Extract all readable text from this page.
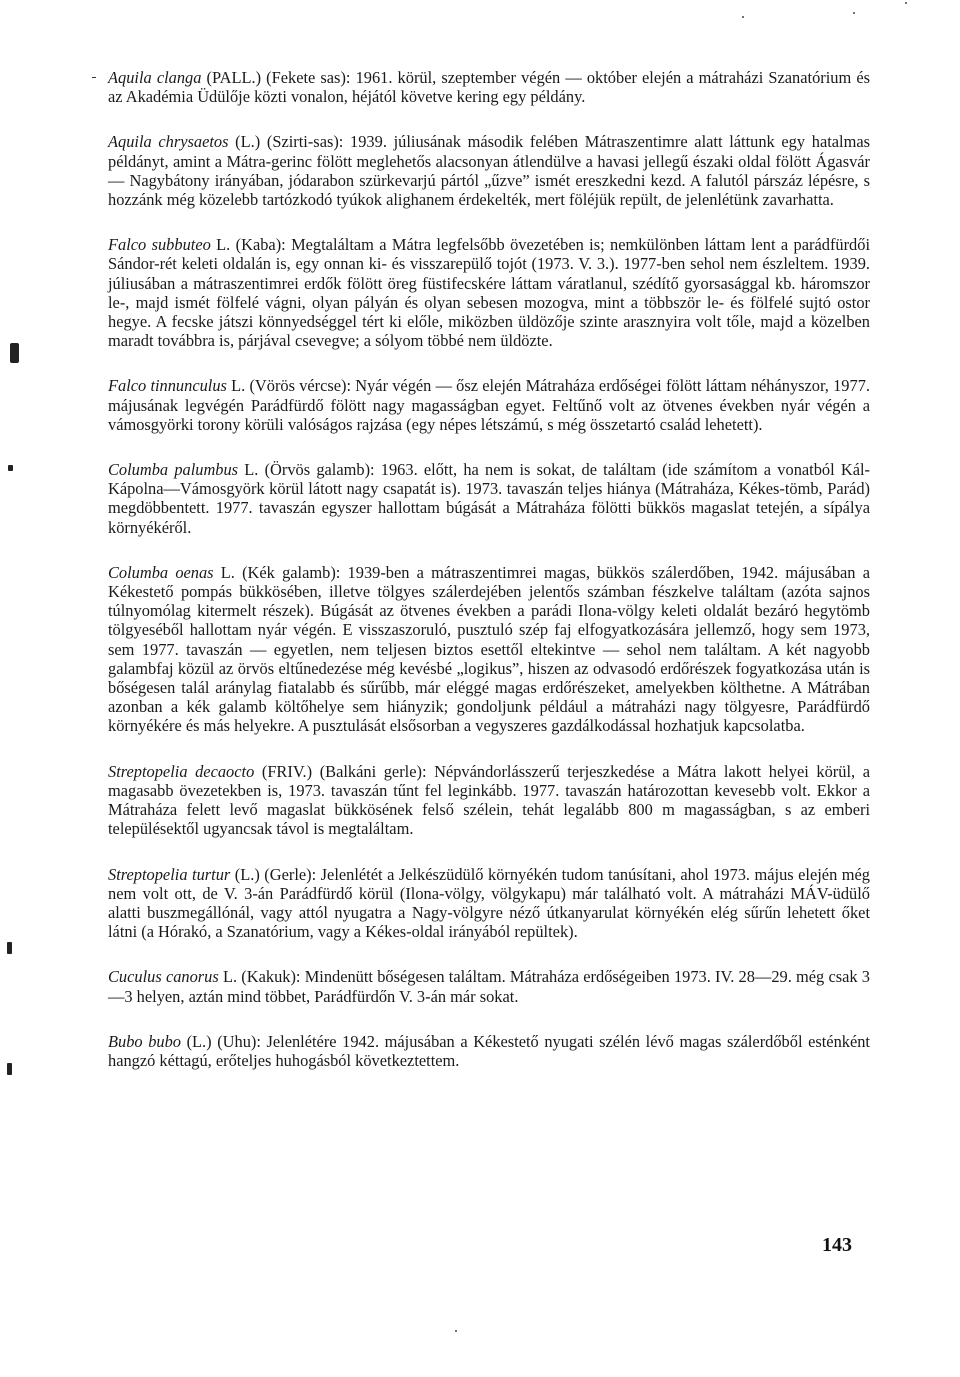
Aquila clanga (PALL.) (Fekete sas): 1961. körül, szeptember végén — október elején a mátraházi Szanatórium és az Akadémia Üdülője közti vonalon, héjától követve kering egy példány.

Aquila chrysaetos (L.) (Szirti-sas): 1939. júliusának második felében Mátraszentimre alatt láttunk egy hatalmas példányt, amint a Mátra-gerinc fölött meglehetős alacsonyan átlendülve a havasi jellegű északi oldal fölött Ágasvár — Nagybátony irányában, jódarabon szürkevarjú pártól „űzve” ismét ereszkedni kezd. A falutól párszáz lépésre, s hozzánk még közelebb tartózkodó tyúkok alighanem érdekelték, mert föléjük repült, de jelenlétünk zavarhatta.

Falco subbuteo L. (Kaba): Megtaláltam a Mátra legfelsőbb övezetében is; nemkülönben láttam lent a parádfürdői Sándor-rét keleti oldalán is, egy onnan ki- és visszarepülő tojót (1973. V. 3.). 1977-ben sehol nem észleltem. 1939. júliusában a mátraszentimrei erdők fölött öreg füstifecskére láttam váratlanul, szédítő gyorsasággal kb. háromszor le-, majd ismét fölfelé vágni, olyan pályán és olyan sebesen mozogva, mint a többször le- és fölfelé sujtó ostor hegye. A fecske játszi könnyedséggel tért ki előle, miközben üldözője szinte arasznyira volt tőle, majd a közelben maradt továbbra is, párjával csevegve; a sólyom többé nem üldözte.

Falco tinnunculus L. (Vörös vércse): Nyár végén — ősz elején Mátraháza erdőségei fölött láttam néhányszor, 1977. májusának legvégén Parádfürdő fölött nagy magasságban egyet. Feltűnő volt az ötvenes években nyár végén a vámosgyörki torony körüli valóságos rajzása (egy népes létszámú, s még összetartó család lehetett).

Columba palumbus L. (Örvös galamb): 1963. előtt, ha nem is sokat, de találtam (ide számítom a vonatból Kál-Kápolna—Vámosgyörk körül látott nagy csapatát is). 1973. tavaszán teljes hiánya (Mátraháza, Kékes-tömb, Parád) megdöbbentett. 1977. tavaszán egyszer hallottam búgását a Mátraháza fölötti bükkös magaslat tetején, a sípálya környékéről.

Columba oenas L. (Kék galamb): 1939-ben a mátraszentimrei magas, bükkös szálerdőben, 1942. májusában a Kékestető pompás bükkösében, illetve tölgyes szálerdejében jelentős számban fészkelve találtam (azóta sajnos túlnyomólag kitermelt részek). Búgását az ötvenes években a parádi Ilona-völgy keleti oldalát bezáró hegytömb tölgyeséből hallottam nyár végén. E visszaszoruló, pusztuló szép faj elfogyatkozására jellemző, hogy sem 1973, sem 1977. tavaszán — egyetlen, nem teljesen biztos esettől eltekintve — sehol nem találtam. A két nagyobb galambfaj közül az örvös eltűnedezése még kevésbé „logikus”, hiszen az odvasodó erdőrészek fogyatkozása után is bőségesen talál aránylag fiatalabb és sűrűbb, már eléggé magas erdőrészeket, amelyekben költhetne. A Mátrában azonban a kék galamb költőhelye sem hiányzik; gondoljunk például a mátraházi nagy tölgyesre, Parádfürdő környékére és más helyekre. A pusztulását elsősorban a vegyszeres gazdálkodással hozhatjuk kapcsolatba.

Streptopelia decaocto (FRIV.) (Balkáni gerle): Népvándorlásszerű terjeszkedése a Mátra lakott helyei körül, a magasabb övezetekben is, 1973. tavaszán tűnt fel leginkább. 1977. tavaszán határozottan kevesebb volt. Ekkor a Mátraháza felett levő magaslat bükkösének felső szélein, tehát legalább 800 m magasságban, s az emberi településektől ugyancsak távol is megtaláltam.

Streptopelia turtur (L.) (Gerle): Jelenlétét a Jelkészüdülő környékén tudom tanúsítani, ahol 1973. május elején még nem volt ott, de V. 3-án Parádfürdő körül (Ilona-völgy, völgykapu) már található volt. A mátraházi MÁV-üdülő alatti buszmegállónál, vagy attól nyugatra a Nagy-völgyre néző útkanyarulat környékén elég sűrűn lehetett őket látni (a Hórakó, a Szanatórium, vagy a Kékes-oldal irányából repültek).

Cuculus canorus L. (Kakuk): Mindenütt bőségesen találtam. Mátraháza erdőségeiben 1973. IV. 28—29. még csak 3—3 helyen, aztán mind többet, Parádfürdőn V. 3-án már sokat.

Bubo bubo (L.) (Uhu): Jelenlétére 1942. májusában a Kékestető nyugati szélén lévő magas szálerdőből esténként hangzó kéttagú, erőteljes huhogásból következtettem.

143
